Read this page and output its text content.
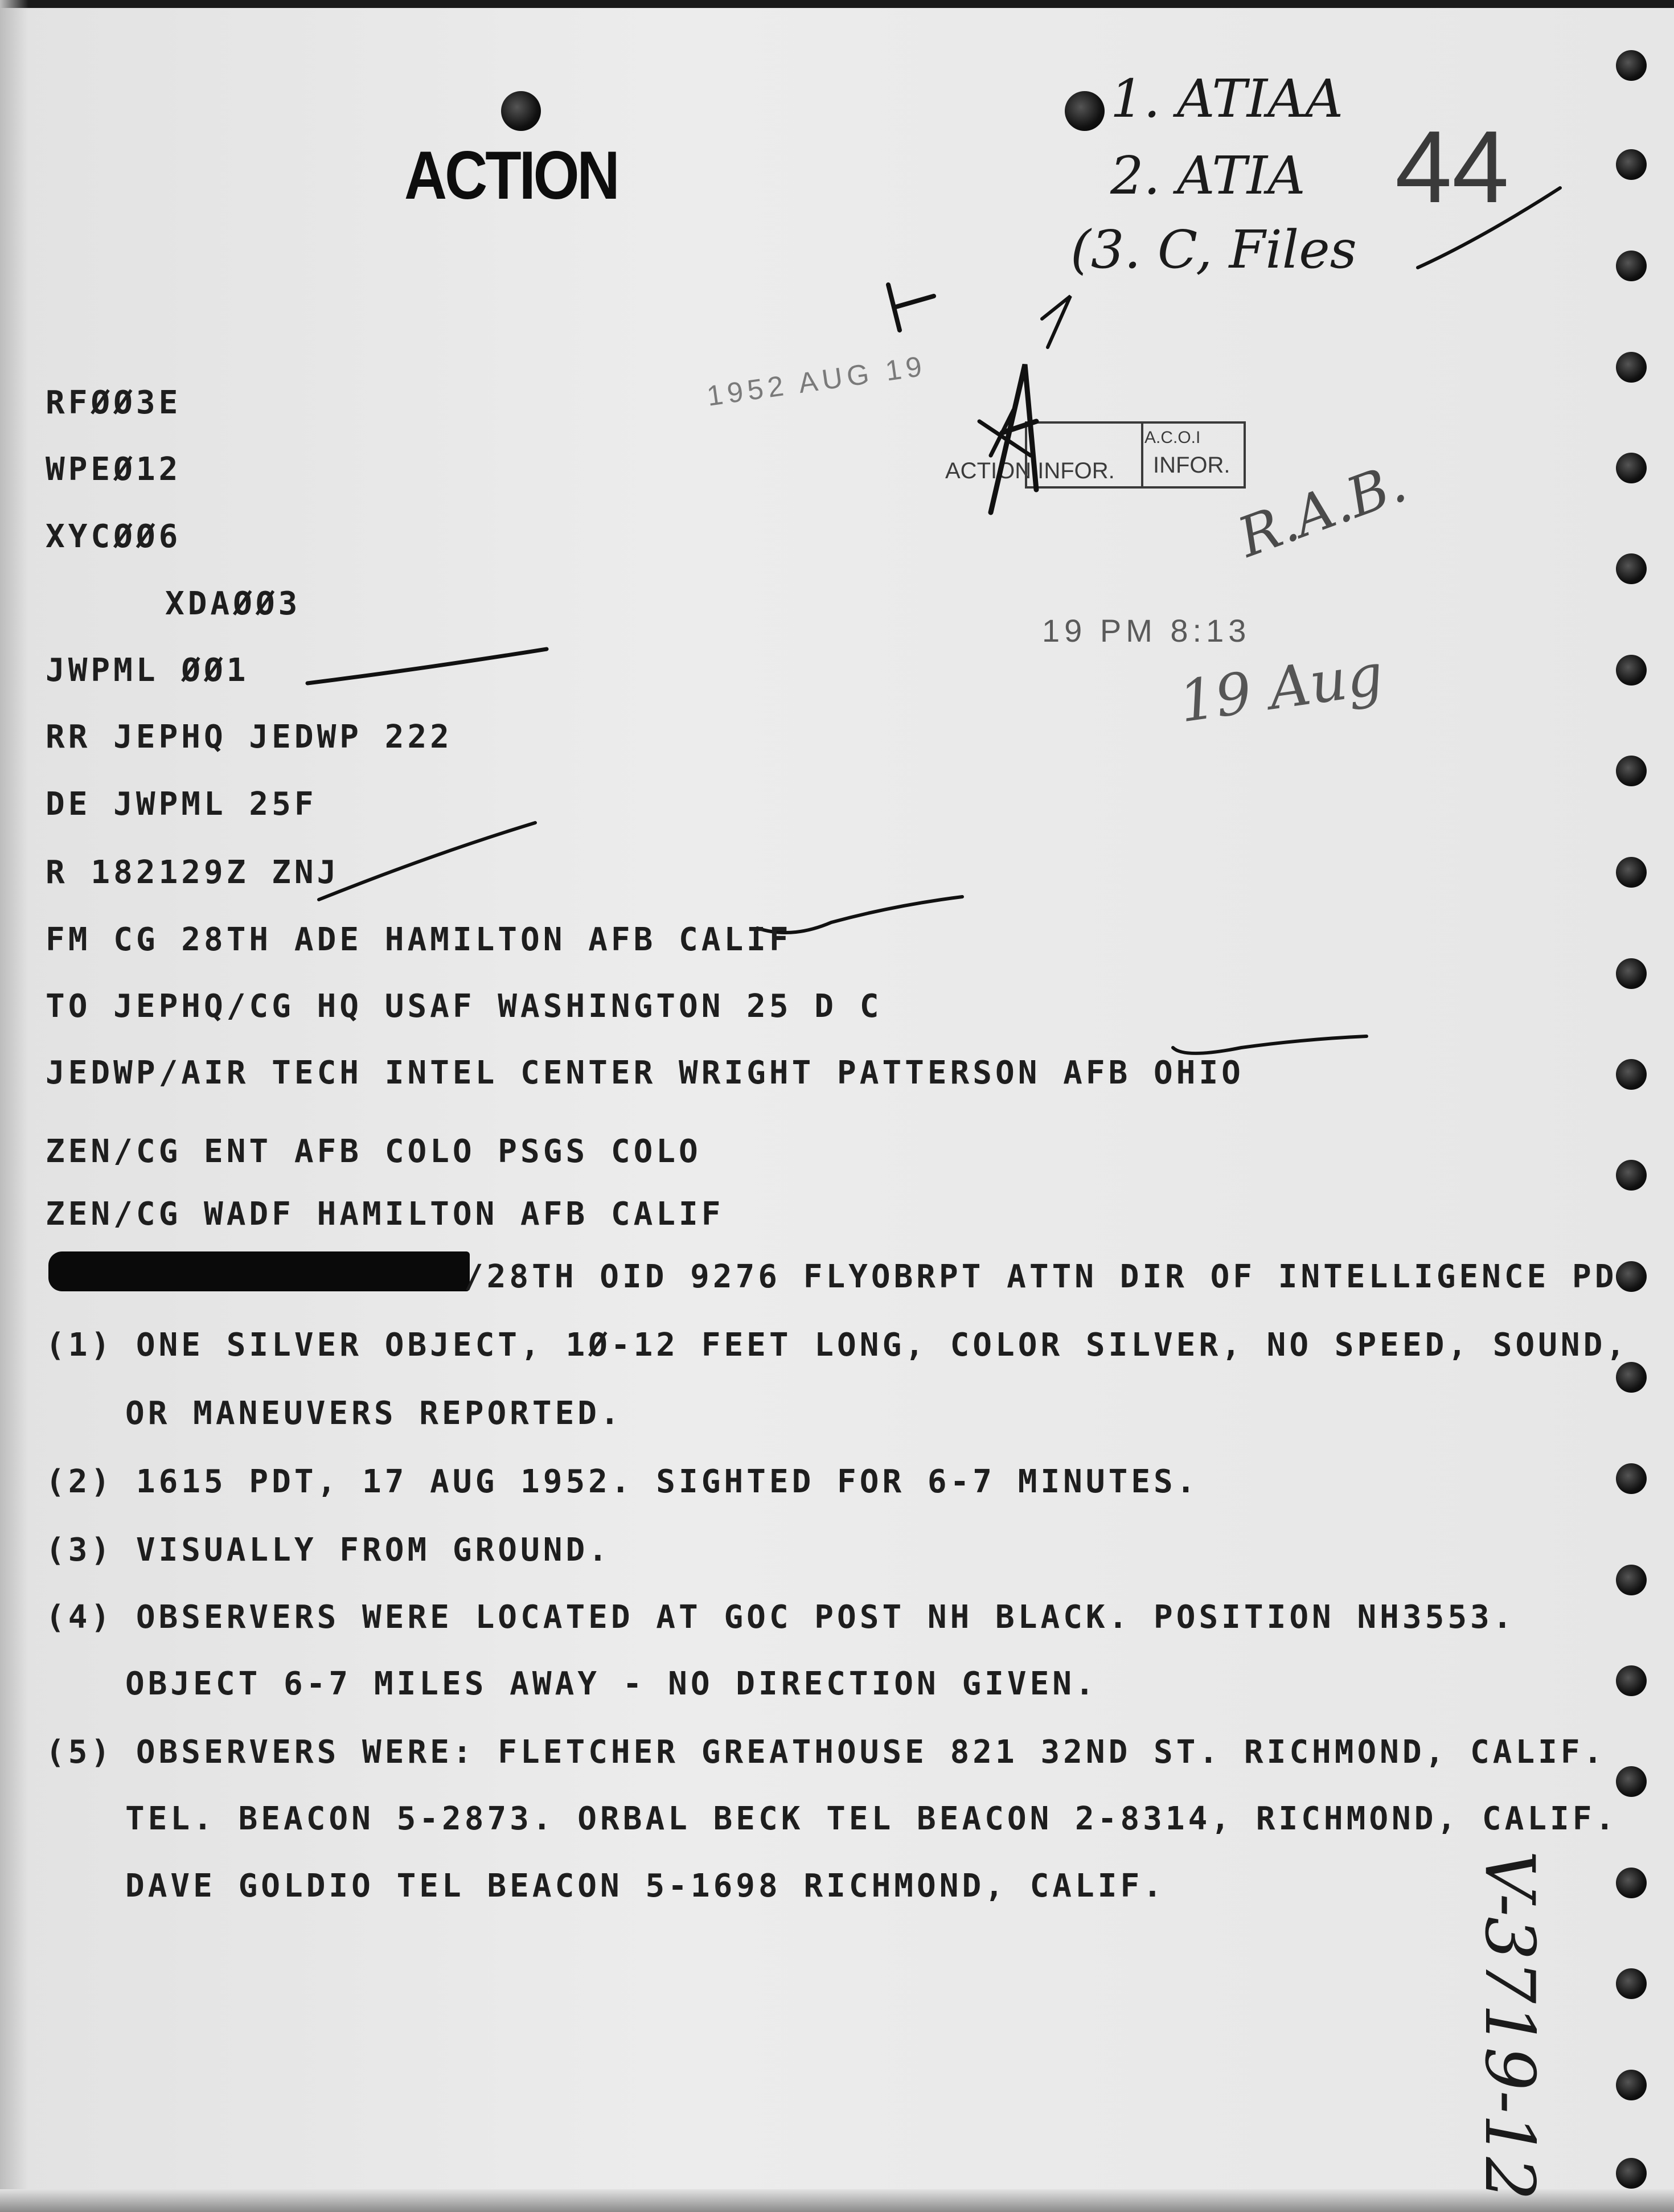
ACTION
1952 AUG 19
19 PM 8:13
A.C.O.I
ACTION INFOR. INFOR.
1. ATIAA
2. ATIA
(3. C, Files
44
R.A.B.
19 Aug
V-3719-12
RFØØ3E
WPEØ12
XYCØØ6
XDAØØ3
JWPML ØØ1
RR JEPHQ JEDWP 222
DE JWPML 25F
R 182129Z ZNJ
FM CG 28TH ADE HAMILTON AFB CALIF
TO JEPHQ/CG HQ USAF WASHINGTON 25 D C
JEDWP/AIR TECH INTEL CENTER WRIGHT PATTERSON AFB OHIO
ZEN/CG ENT AFB COLO PSGS COLO
ZEN/CG WADF HAMILTON AFB CALIF
/28TH OID 9276 FLYOBRPT ATTN DIR OF INTELLIGENCE PD
(1) ONE SILVER OBJECT, 1Ø-12 FEET LONG, COLOR SILVER, NO SPEED, SOUND,
OR MANEUVERS REPORTED.
(2) 1615 PDT, 17 AUG 1952. SIGHTED FOR 6-7 MINUTES.
(3) VISUALLY FROM GROUND.
(4) OBSERVERS WERE LOCATED AT GOC POST NH BLACK. POSITION NH3553.
OBJECT 6-7 MILES AWAY - NO DIRECTION GIVEN.
(5) OBSERVERS WERE: FLETCHER GREATHOUSE 821 32ND ST. RICHMOND, CALIF.
TEL. BEACON 5-2873. ORBAL BECK TEL BEACON 2-8314, RICHMOND, CALIF.
DAVE GOLDIO TEL BEACON 5-1698 RICHMOND, CALIF.
